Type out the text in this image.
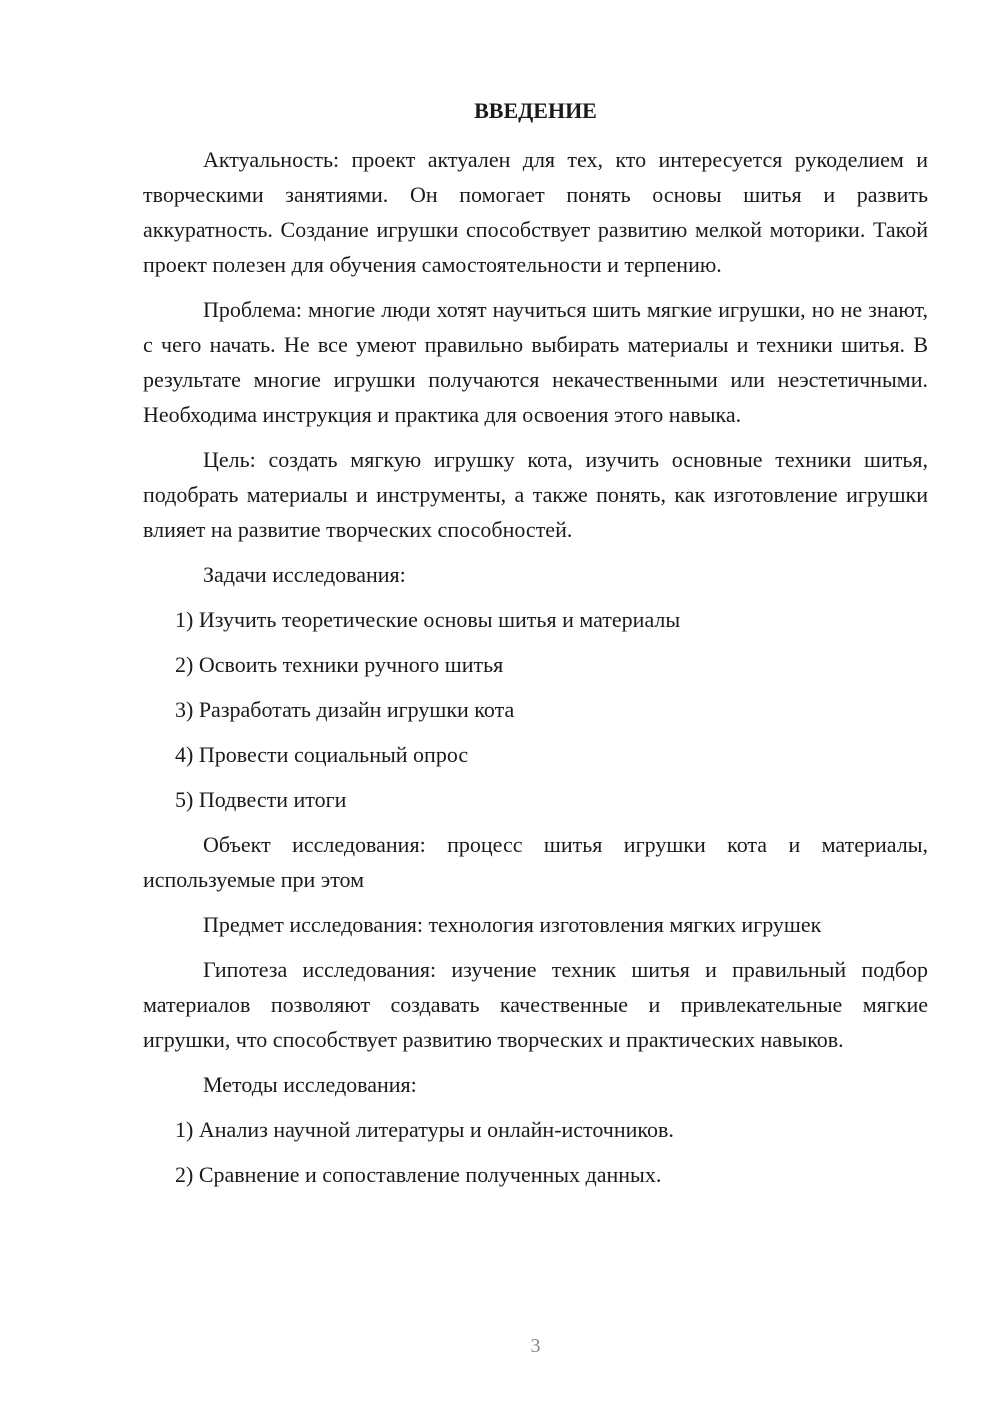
ВВЕДЕНИЕ

Актуальность: проект актуален для тех, кто интересуется рукоделием и творческими занятиями. Он помогает понять основы шитья и развить аккуратность. Создание игрушки способствует развитию мелкой моторики. Такой проект полезен для обучения самостоятельности и терпению.

Проблема: многие люди хотят научиться шить мягкие игрушки, но не знают, с чего начать. Не все умеют правильно выбирать материалы и техники шитья. В результате многие игрушки получаются некачественными или неэстетичными. Необходима инструкция и практика для освоения этого навыка.

Цель: создать мягкую игрушку кота, изучить основные техники шитья, подобрать материалы и инструменты, а также понять, как изготовление игрушки влияет на развитие творческих способностей.

Задачи исследования:

1) Изучить теоретические основы шитья и материалы

2) Освоить техники ручного шитья

3) Разработать дизайн игрушки кота

4) Провести социальный опрос

5) Подвести итоги

Объект исследования: процесс шитья игрушки кота и материалы, используемые при этом

Предмет исследования: технология изготовления мягких игрушек

Гипотеза исследования: изучение техник шитья и правильный подбор материалов позволяют создавать качественные и привлекательные мягкие игрушки, что способствует развитию творческих и практических навыков.

Методы исследования:

1) Анализ научной литературы и онлайн-источников.

2) Сравнение и сопоставление полученных данных.

3
